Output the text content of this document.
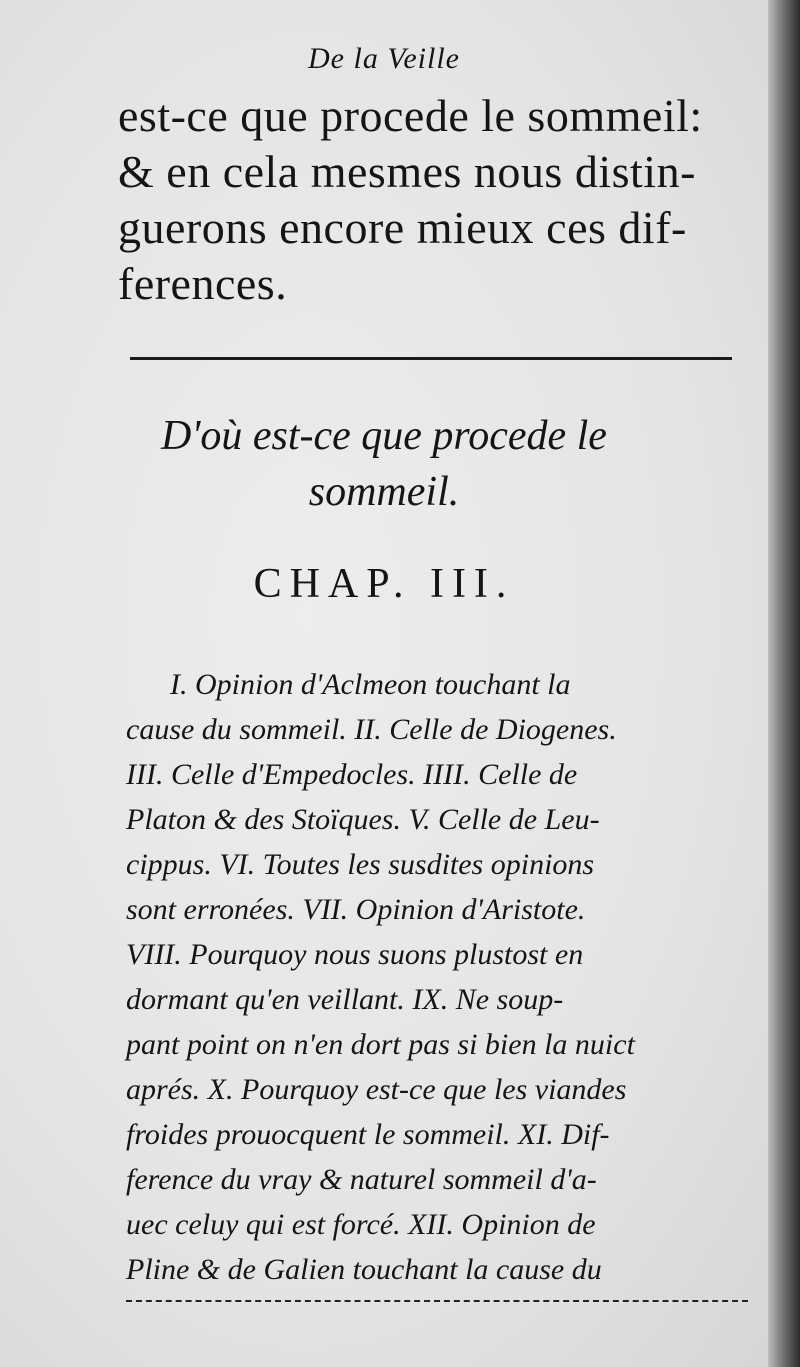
De la Veille
est-ce que procede le sommeil:
& en cela mesmes nous distin-
guerons encore mieux ces dif-
ferences.
D'où est-ce que procede le
sommeil.
CHAP. III.
I. Opinion d'Aclmeon touchant la
cause du sommeil. II. Celle de Diogenes.
III. Celle d'Empedocles. IIII. Celle de
Platon & des Stoïques. V. Celle de Leu-
cippus. VI. Toutes les susdites opinions
sont erronées. VII. Opinion d'Aristote.
VIII. Pourquoy nous suons plustost en
dormant qu'en veillant. IX. Ne soup-
pant point on n'en dort pas si bien la nuict
aprés. X. Pourquoy est-ce que les viandes
froides prouocquent le sommeil. XI. Dif-
ference du vray & naturel sommeil d'a-
uec celuy qui est forcé. XII. Opinion de
Pline & de Galien touchant la cause du
